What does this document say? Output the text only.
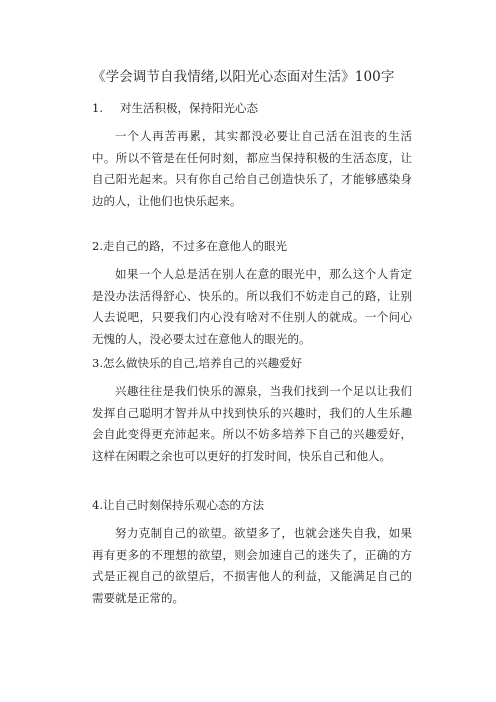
《学会调节自我情绪,以阳光心态面对生活》100字
1. 对生活积极，保持阳光心态
一个人再苦再累，其实都没必要让自己活在沮丧的生活中。所以不管是在任何时刻，都应当保持积极的生活态度，让自己阳光起来。只有你自己给自己创造快乐了，才能够感染身边的人，让他们也快乐起来。
2.走自己的路，不过多在意他人的眼光
如果一个人总是活在别人在意的眼光中，那么这个人肯定是没办法活得舒心、快乐的。所以我们不妨走自己的路，让别人去说吧，只要我们内心没有啥对不住别人的就成。一个问心无愧的人，没必要太过在意他人的眼光的。
3.怎么做快乐的自己,培养自己的兴趣爱好
兴趣往往是我们快乐的源泉，当我们找到一个足以让我们发挥自己聪明才智并从中找到快乐的兴趣时，我们的人生乐趣会自此变得更充沛起来。所以不妨多培养下自己的兴趣爱好，这样在闲暇之余也可以更好的打发时间，快乐自己和他人。
4.让自己时刻保持乐观心态的方法
努力克制自己的欲望。欲望多了，也就会迷失自我，如果再有更多的不理想的欲望，则会加速自己的迷失了，正确的方式是正视自己的欲望后，不损害他人的利益，又能满足自己的需要就是正常的。
